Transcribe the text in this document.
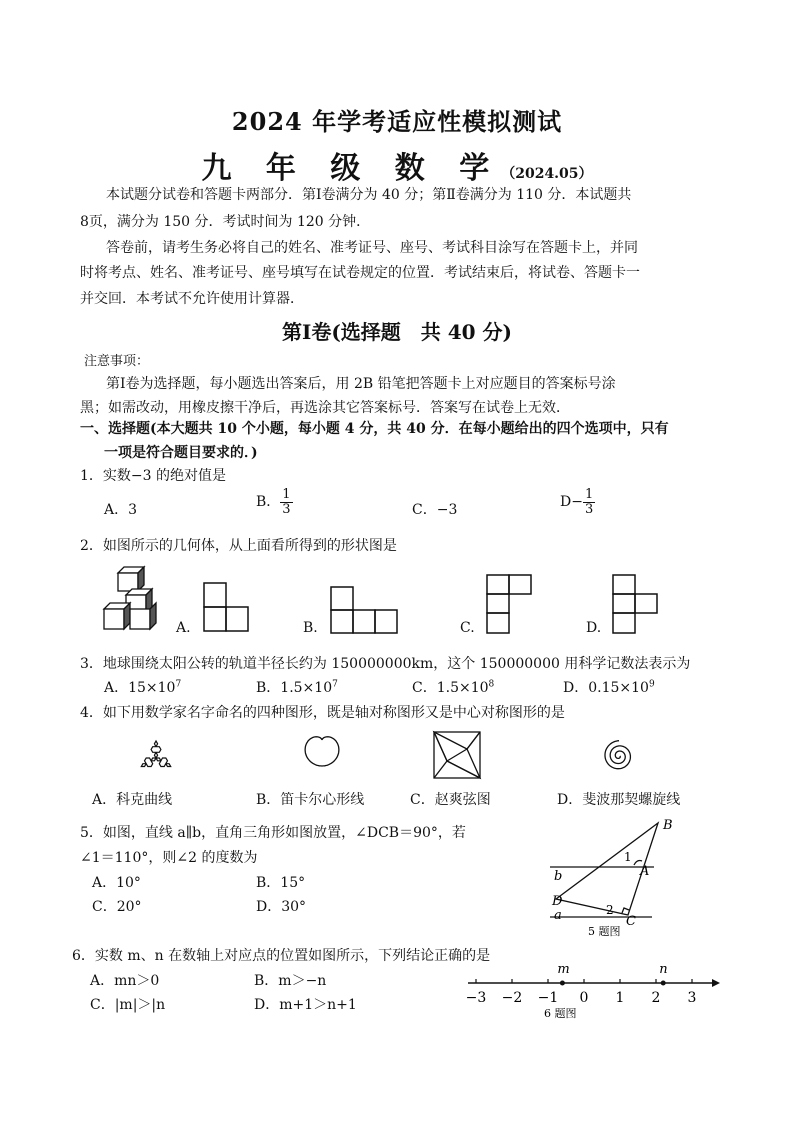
2024 年学考适应性模拟测试
九 年 级 数 学（2024.05）
本试题分试卷和答题卡两部分．第Ⅰ卷满分为 40 分；第Ⅱ卷满分为 110 分．本试题共
8页，满分为 150 分．考试时间为 120 分钟．
答卷前，请考生务必将自己的姓名、准考证号、座号、考试科目涂写在答题卡上，并同
时将考点、姓名、准考证号、座号填写在试卷规定的位置．考试结束后，将试卷、答题卡一
并交回．本考试不允许使用计算器．
第Ⅰ卷(选择题　共 40 分)
注意事项：
第Ⅰ卷为选择题，每小题选出答案后，用 2B 铅笔把答题卡上对应题目的答案标号涂
黑；如需改动，用橡皮擦干净后，再选涂其它答案标号．答案写在试卷上无效．
一、选择题(本大题共 10 个小题，每小题 4 分，共 40 分．在每小题给出的四个选项中，只有
一项是符合题目要求的．)
1．实数−3 的绝对值是
A．3	B． $\frac{1}{3}$	C．−3	$D- \frac{1}{3}$
2．如图所示的几何体，从上面看所得到的形状图是
A.	B.	C.	D.
3．地球围绕太阳公转的轨道半径长约为 150000000km，这个 150000000 用科学记数法表示为
A．$15\times 10^7$	B．$1.5\times 10^7$	C．$1.5\times 10^8$	D．$0.15\times 10^9$
4．如下用数学家名字命名的四种图形，既是轴对称图形又是中心对称图形的是
A．科克曲线	B．笛卡尔心形线	C．赵爽弦图	D．斐波那契螺旋线
5．如图，直线 a∥b，直角三角形如图放置，∠DCB＝90°，若
∠1＝110°，则∠2 的度数为
A．10°	B．15°
C．20°	D．30°
B
A
C
D
b
a
1
2
5 题图
6．实数 m、n 在数轴上对应点的位置如图所示，下列结论正确的是
A．mn＞0	B．m＞−n
C．|m|＞|n	D．m+1＞n+1	−3 −2 −1 0 1 2 3
m	n
6 题图
